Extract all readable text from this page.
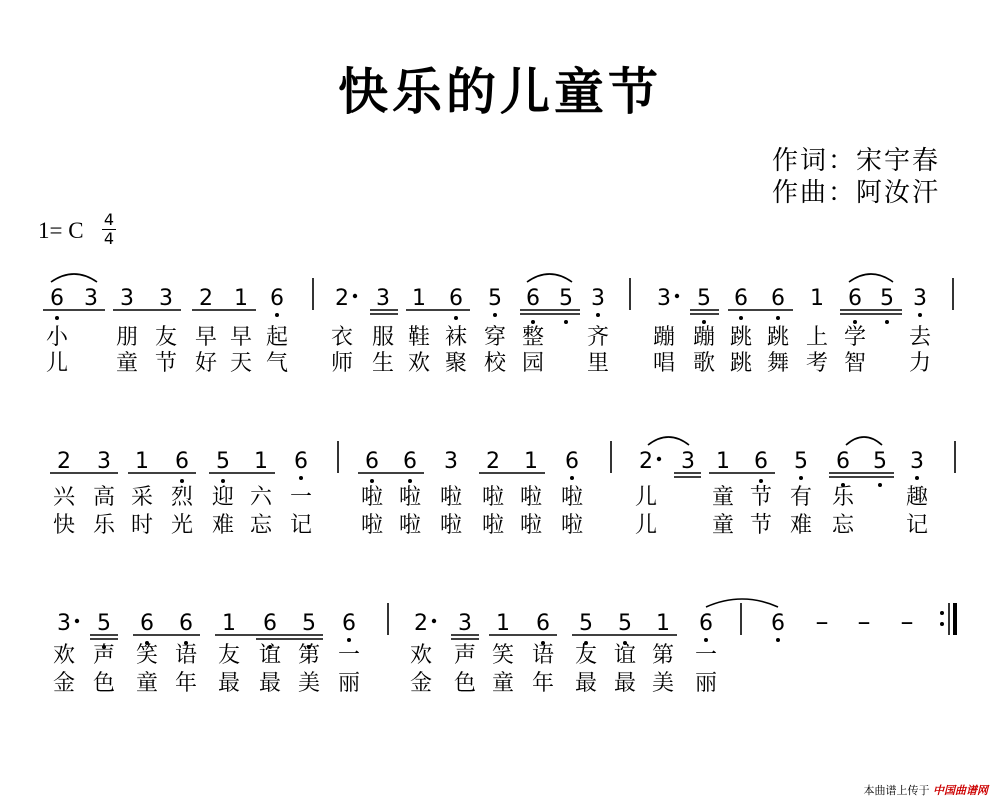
快乐的儿童节
作词：宋宇春
作曲：阿汝汗
1= C 4
4
6 3 3 3 2 1 6 2 3 1 6 5 6 5 3 3 5 6 6 1 6 5 3
2 3 1 6 5 1 6	6 6 3 2 1 6	2 3 1 6 5 6 5 3
3 5 6 6 1 6 5 6	2 3 1 6 5 5 1 6	6 – – –
小 朋 友 早 早 起 衣 服 鞋 袜 穿 整 齐 蹦 蹦 跳 跳 上 学 去
儿 童 节 好 天 气 师 生 欢 聚 校 园 里 唱 歌 跳 舞 考 智 力
兴 高 采 烈 迎 六 一 啦 啦 啦 啦 啦 啦 儿 童 节 有 乐 趣
快 乐 时 光 难 忘 记 啦 啦 啦 啦 啦 啦 儿 童 节 难 忘 记
欢 声 笑 语 友 谊 第 一 欢 声 笑 语 友 谊 第 一
金 色 童 年 最 最 美 丽 金 色 童 年 最 最 美 丽
本曲谱上传于 中国曲谱网
